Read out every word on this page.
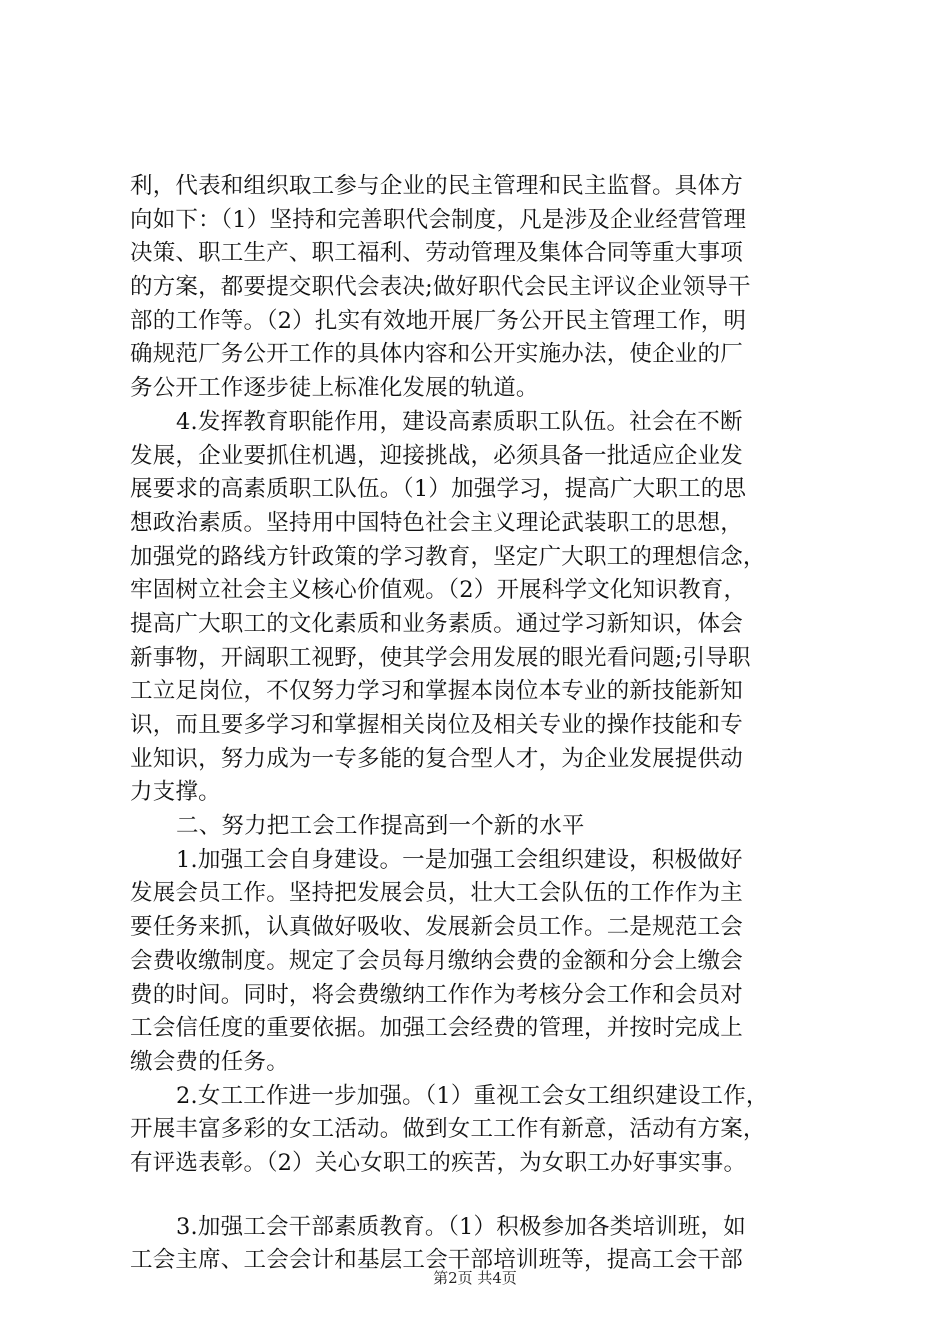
利，代表和组织取工参与企业的民主管理和民主监督。具体方
向如下：（1）坚持和完善职代会制度，凡是涉及企业经营管理
决策、职工生产、职工福利、劳动管理及集体合同等重大事项
的方案，都要提交职代会表决;做好职代会民主评议企业领导干
部的工作等。（2）扎实有效地开展厂务公开民主管理工作，明
确规范厂务公开工作的具体内容和公开实施办法，使企业的厂
务公开工作逐步徒上标准化发展的轨道。
4.发挥教育职能作用，建设高素质职工队伍。社会在不断
发展，企业要抓住机遇，迎接挑战，必须具备一批适应企业发
展要求的高素质职工队伍。（1）加强学习，提高广大职工的思
想政治素质。坚持用中国特色社会主义理论武装职工的思想，
加强党的路线方针政策的学习教育，坚定广大职工的理想信念，
牢固树立社会主义核心价值观。（2）开展科学文化知识教育，
提高广大职工的文化素质和业务素质。通过学习新知识，体会
新事物，开阔职工视野，使其学会用发展的眼光看问题;引导职
工立足岗位，不仅努力学习和掌握本岗位本专业的新技能新知
识，而且要多学习和掌握相关岗位及相关专业的操作技能和专
业知识，努力成为一专多能的复合型人才，为企业发展提供动
力支撑。
二、努力把工会工作提高到一个新的水平
1.加强工会自身建设。一是加强工会组织建设，积极做好
发展会员工作。坚持把发展会员，壮大工会队伍的工作作为主
要任务来抓，认真做好吸收、发展新会员工作。二是规范工会
会费收缴制度。规定了会员每月缴纳会费的金额和分会上缴会
费的时间。同时，将会费缴纳工作作为考核分会工作和会员对
工会信任度的重要依据。加强工会经费的管理，并按时完成上
缴会费的任务。
2.女工工作进一步加强。（1）重视工会女工组织建设工作，
开展丰富多彩的女工活动。做到女工工作有新意，活动有方案，
有评选表彰。（2）关心女职工的疾苦，为女职工办好事实事。
3.加强工会干部素质教育。（1）积极参加各类培训班，如
工会主席、工会会计和基层工会干部培训班等，提高工会干部
第2页 共4页
